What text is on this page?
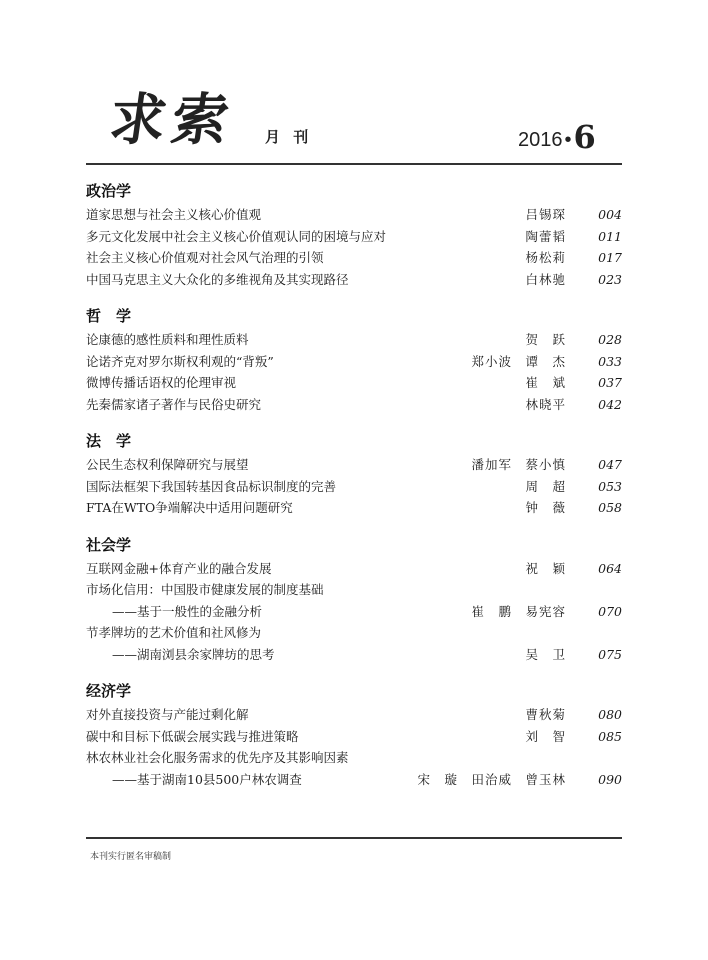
求索 月 刊	2016 •6
政治学
道家思想与社会主义核心价值观	吕锡琛	004
多元文化发展中社会主义核心价值观认同的困境与应对	陶蕾韬	011
社会主义核心价值观对社会风气治理的引领	杨松莉	017
中国马克思主义大众化的多维视角及其实现路径	白林驰	023
哲　学
论康德的感性质料和理性质料	贺　跃	028
论诺齐克对罗尔斯权利观的“背叛”	郑小波　谭　杰	033
微博传播话语权的伦理审视	崔　斌	037
先秦儒家诸子著作与民俗史研究	林晓平	042
法　学
公民生态权利保障研究与展望	潘加军　蔡小慎	047
国际法框架下我国转基因食品标识制度的完善	周　超	053
FTA在WTO争端解决中适用问题研究	钟　薇	058
社会学
互联网金融+体育产业的融合发展	祝　颖	064
市场化信用：中国股市健康发展的制度基础
——基于一般性的金融分析	崔　鹏　易宪容	070
节孝牌坊的艺术价值和社风修为
——湖南浏县余家牌坊的思考	吴　卫	075
经济学
对外直接投资与产能过剩化解	曹秋菊	080
碳中和目标下低碳会展实践与推进策略	刘　智	085
林农林业社会化服务需求的优先序及其影响因素
——基于湖南10县500户林农调查	宋　璇　田治威　曾玉林	090
本刊实行匿名审稿制
